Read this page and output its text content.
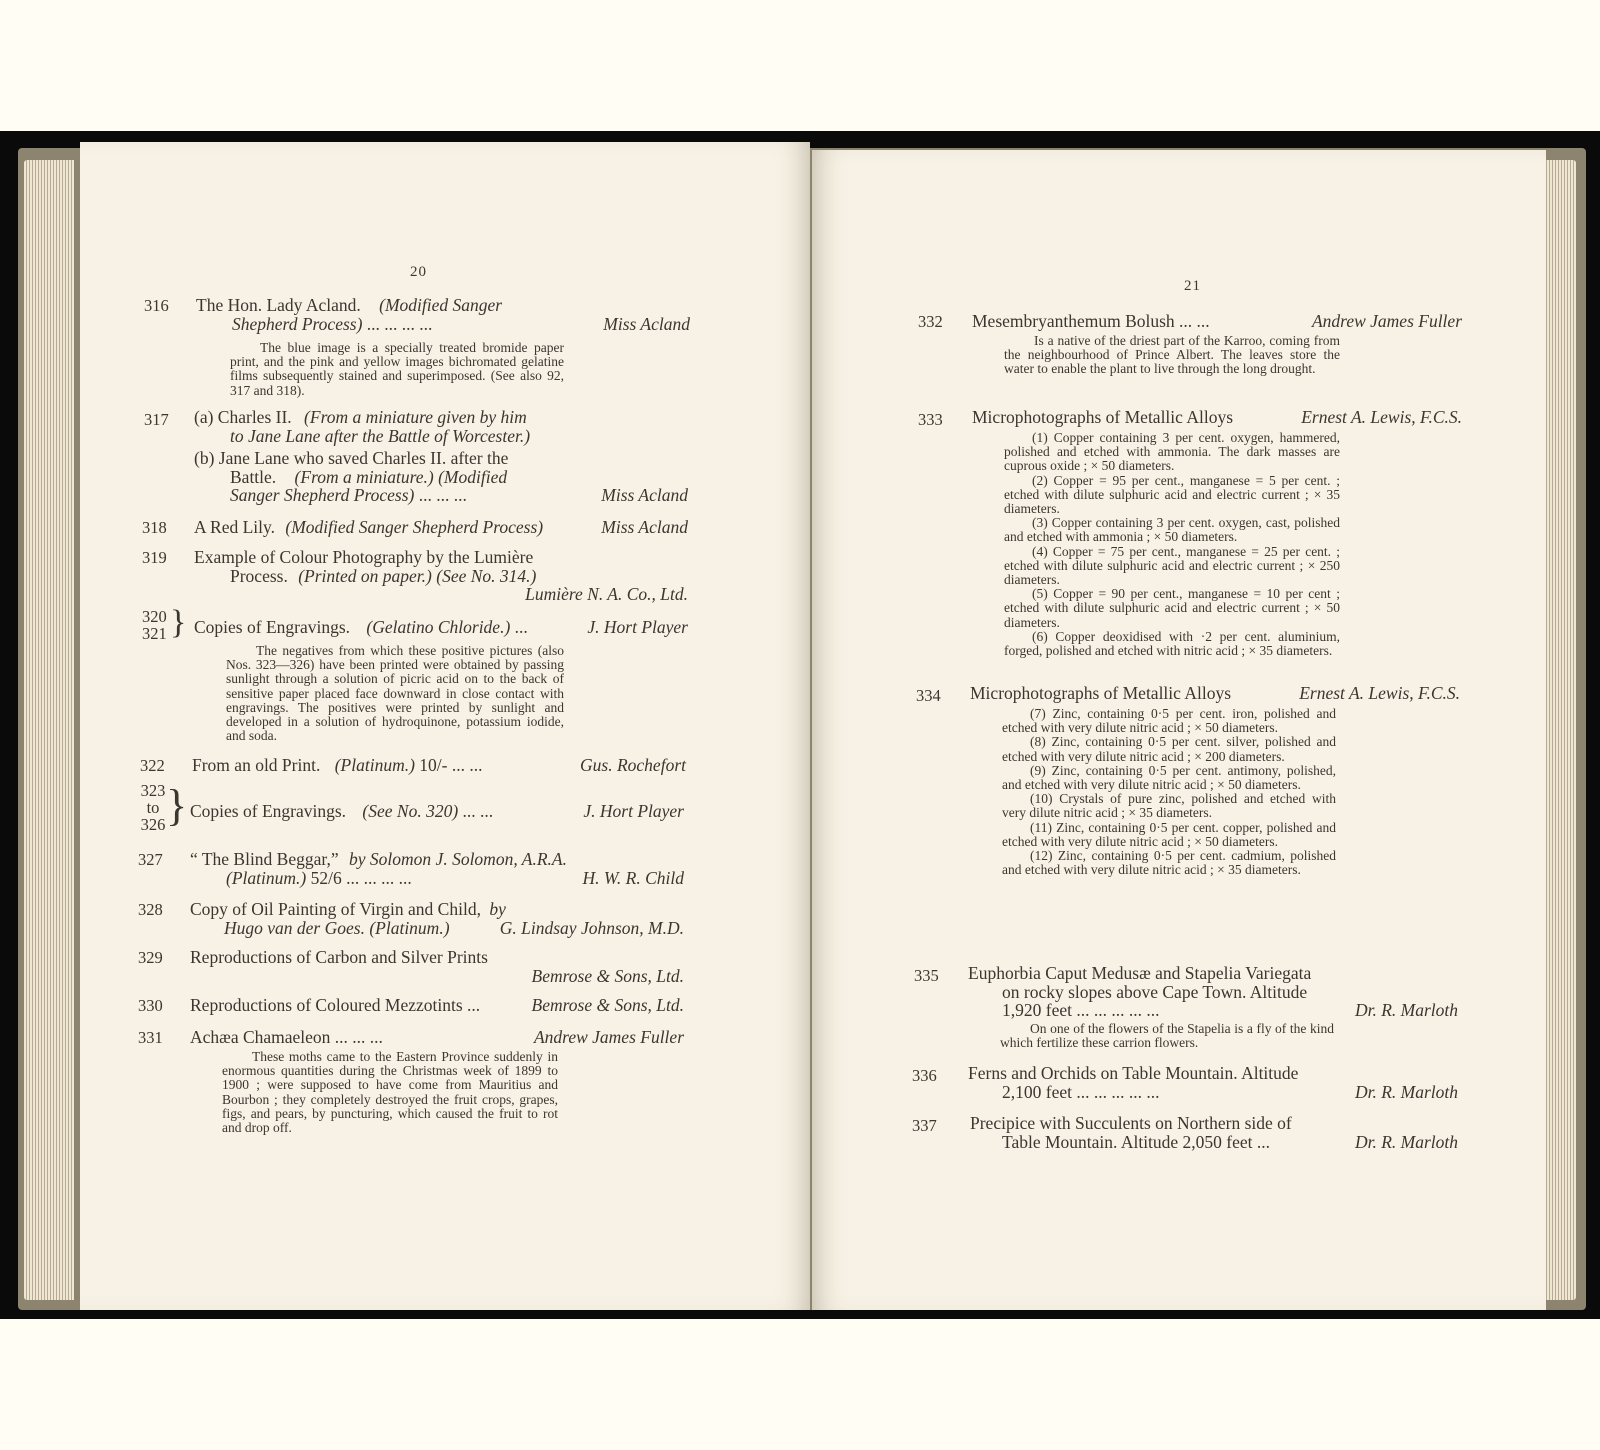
20
316 The Hon. Lady Acland. (Modified Sanger
Shepherd Process) ... ... ... ...	Miss Acland
The blue image is a specially treated bromide paper print, and the pink and yellow images bichromated gelatine films subsequently stained and superimposed. (See also 92, 317 and 318).
317 (a) Charles II. (From a miniature given by him
to Jane Lane after the Battle of Worcester.)
(b) Jane Lane who saved Charles II. after the
Battle. (From a miniature.) (Modified
Sanger Shepherd Process) ... ... ...	Miss Acland
318 A Red Lily. (Modified Sanger Shepherd Process)	Miss Acland
319 Example of Colour Photography by the Lumière
Process. (Printed on paper.) (See No. 314.)
Lumière N. A. Co., Ltd.
320
321 } Copies of Engravings. (Gelatino Chloride.) ...	J. Hort Player
The negatives from which these positive pictures (also Nos. 323—326) have been printed were obtained by passing sunlight through a solution of picric acid on to the back of sensitive paper placed face downward in close contact with engravings. The positives were printed by sunlight and developed in a solution of hydroquinone, potassium iodide, and soda.
322 From an old Print. (Platinum.) 10/- ... ...	Gus. Rochefort
323
to
326 } Copies of Engravings. (See No. 320) ... ...	J. Hort Player
327 “ The Blind Beggar,” by Solomon J. Solomon, A.R.A.
(Platinum.) 52/6 ... ... ... ...	H. W. R. Child
328 Copy of Oil Painting of Virgin and Child, by
Hugo van der Goes. (Platinum.)	G. Lindsay Johnson, M.D.
329 Reproductions of Carbon and Silver Prints
Bemrose & Sons, Ltd.
330 Reproductions of Coloured Mezzotints ...	Bemrose & Sons, Ltd.
331 Achæa Chamaeleon ... ... ...	Andrew James Fuller
These moths came to the Eastern Province suddenly in enormous quantities during the Christmas week of 1899 to 1900 ; were supposed to have come from Mauritius and Bourbon ; they completely destroyed the fruit crops, grapes, figs, and pears, by puncturing, which caused the fruit to rot and drop off.
21
332 Mesembryanthemum Bolush ... ...	Andrew James Fuller
Is a native of the driest part of the Karroo, coming from the neighbourhood of Prince Albert. The leaves store the water to enable the plant to live through the long drought.
333 Microphotographs of Metallic Alloys	Ernest A. Lewis, F.C.S.
(1) Copper containing 3 per cent. oxygen, hammered, polished and etched with ammonia. The dark masses are cuprous oxide ; × 50 diameters.
(2) Copper = 95 per cent., manganese = 5 per cent. ; etched with dilute sulphuric acid and electric current ; × 35 diameters.
(3) Copper containing 3 per cent. oxygen, cast, polished and etched with ammonia ; × 50 diameters.
(4) Copper = 75 per cent., manganese = 25 per cent. ; etched with dilute sulphuric acid and electric current ; × 250 diameters.
(5) Copper = 90 per cent., manganese = 10 per cent ; etched with dilute sulphuric acid and electric current ; × 50 diameters.
(6) Copper deoxidised with ·2 per cent. aluminium, forged, polished and etched with nitric acid ; × 35 diameters.
334 Microphotographs of Metallic Alloys	Ernest A. Lewis, F.C.S.
(7) Zinc, containing 0·5 per cent. iron, polished and etched with very dilute nitric acid ; × 50 diameters.
(8) Zinc, containing 0·5 per cent. silver, polished and etched with very dilute nitric acid ; × 200 diameters.
(9) Zinc, containing 0·5 per cent. antimony, polished, and etched with very dilute nitric acid ; × 50 diameters.
(10) Crystals of pure zinc, polished and etched with very dilute nitric acid ; × 35 diameters.
(11) Zinc, containing 0·5 per cent. copper, polished and etched with very dilute nitric acid ; × 50 diameters.
(12) Zinc, containing 0·5 per cent. cadmium, polished and etched with very dilute nitric acid ; × 35 diameters.
335 Euphorbia Caput Medusæ and Stapelia Variegata
on rocky slopes above Cape Town. Altitude
1,920 feet ... ... ... ... ...	Dr. R. Marloth
On one of the flowers of the Stapelia is a fly of the kind which fertilize these carrion flowers.
336 Ferns and Orchids on Table Mountain. Altitude
2,100 feet ... ... ... ... ...	Dr. R. Marloth
337 Precipice with Succulents on Northern side of
Table Mountain. Altitude 2,050 feet ...	Dr. R. Marloth
